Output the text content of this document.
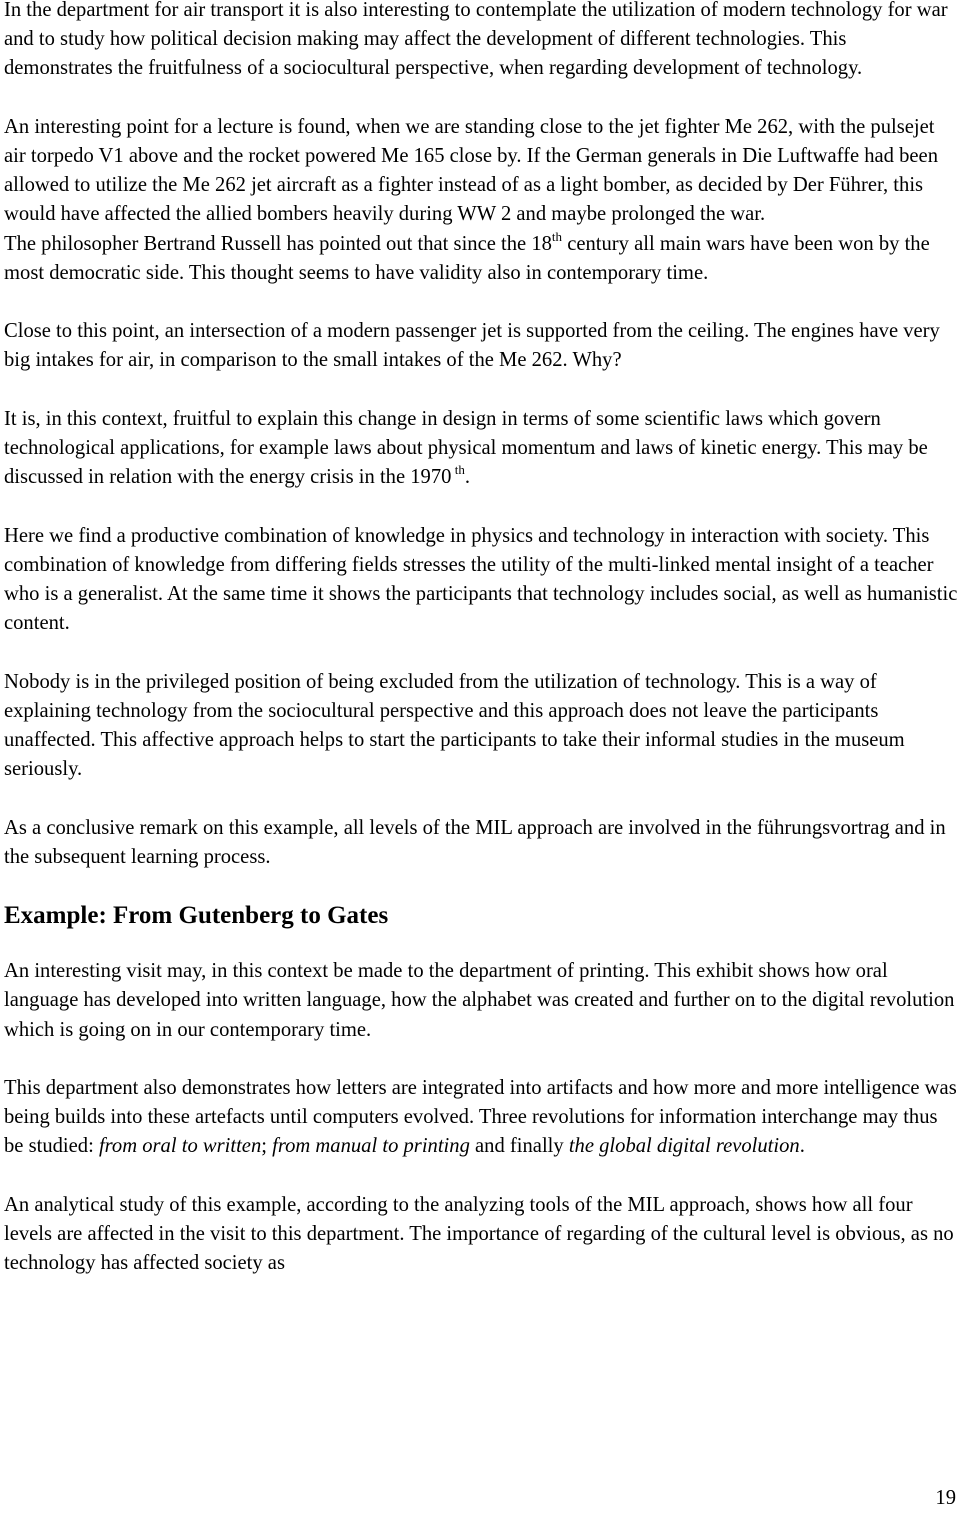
In the department for air transport it is also interesting to contemplate the utilization of modern technology for war and to study how political decision making may affect the development of different technologies. This demonstrates the fruitfulness of a sociocultural perspective, when regarding development of technology.

An interesting point for a lecture is found, when we are standing close to the jet fighter Me 262, with the pulsejet air torpedo V1 above and the rocket powered Me 165 close by. If the German generals in Die Luftwaffe had been allowed to utilize the Me 262 jet aircraft as a fighter instead of as a light bomber, as decided by Der Führer, this would have affected the allied bombers heavily during WW 2 and maybe prolonged the war.

The philosopher Bertrand Russell has pointed out that since the 18th century all main wars have been won by the most democratic side. This thought seems to have validity also in contemporary time.

Close to this point, an intersection of a modern passenger jet is supported from the ceiling. The engines have very big intakes for air, in comparison to the small intakes of the Me 262. Why?

It is, in this context, fruitful to explain this change in design in terms of some scientific laws which govern technological applications, for example laws about physical momentum and laws of kinetic energy. This may be discussed in relation with the energy crisis in the 1970 $^{th}$.

Here we find a productive combination of knowledge in physics and technology in interaction with society. This combination of knowledge from differing fields stresses the utility of the multi-linked mental insight of a teacher who is a generalist. At the same time it shows the participants that technology includes social, as well as humanistic content.

Nobody is in the privileged position of being excluded from the utilization of technology. This is a way of explaining technology from the sociocultural perspective and this approach does not leave the participants unaffected. This affective approach helps to start the participants to take their informal studies in the museum seriously.

As a conclusive remark on this example, all levels of the MIL approach are involved in the führungsvortrag and in the subsequent learning process.

Example: From Gutenberg to Gates

An interesting visit may, in this context be made to the department of printing. This exhibit shows how oral language has developed into written language, how the alphabet was created and further on to the digital revolution which is going on in our contemporary time.

This department also demonstrates how letters are integrated into artifacts and how more and more intelligence was being builds into these artefacts until computers evolved. Three revolutions for information interchange may thus be studied: from oral to written; from manual to printing and finally the global digital revolution.

An analytical study of this example, according to the analyzing tools of the MIL approach, shows how all four levels are affected in the visit to this department. The importance of regarding of the cultural level is obvious, as no technology has affected society as

19
